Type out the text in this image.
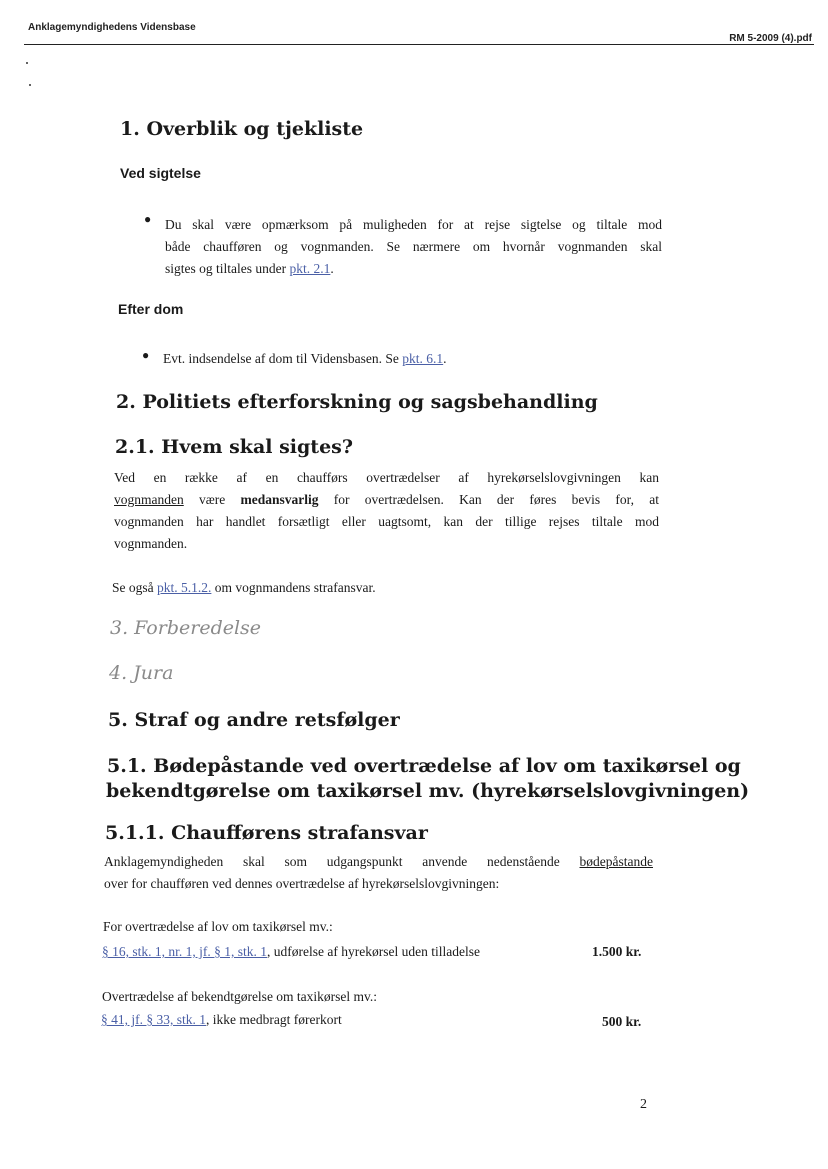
Anklagemyndighedens Vidensbase
RM 5-2009 (4).pdf
1. Overblik og tjekliste
Ved sigtelse
● Du skal være opmærksom på muligheden for at rejse sigtelse og tiltale mod
både chaufføren og vognmanden. Se nærmere om hvornår vognmanden skal
sigtes og tiltales under pkt. 2.1.
Efter dom
● Evt. indsendelse af dom til Vidensbasen. Se pkt. 6.1.
2. Politiets efterforskning og sagsbehandling
2.1. Hvem skal sigtes?
Ved en række af en chaufførs overtrædelser af hyrekørselslovgivningen kan
vognmanden være medansvarlig for overtrædelsen. Kan der føres bevis for, at
vognmanden har handlet forsætligt eller uagtsomt, kan der tillige rejses tiltale mod
vognmanden.
Se også pkt. 5.1.2. om vognmandens strafansvar.
3. Forberedelse
4. Jura
5. Straf og andre retsfølger
5.1. Bødepåstande ved overtrædelse af lov om taxikørsel og
bekendtgørelse om taxikørsel mv. (hyrekørselslovgivningen)
5.1.1. Chaufførens strafansvar
Anklagemyndigheden skal som udgangspunkt anvende nedenstående bødepåstande
over for chaufføren ved dennes overtrædelse af hyrekørselslovgivningen:
For overtrædelse af lov om taxikørsel mv.:
§ 16, stk. 1, nr. 1, jf. § 1, stk. 1, udførelse af hyrekørsel uden tilladelse	1.500 kr.
Overtrædelse af bekendtgørelse om taxikørsel mv.:
§ 41, jf. § 33, stk. 1, ikke medbragt førerkort	500 kr.
2
